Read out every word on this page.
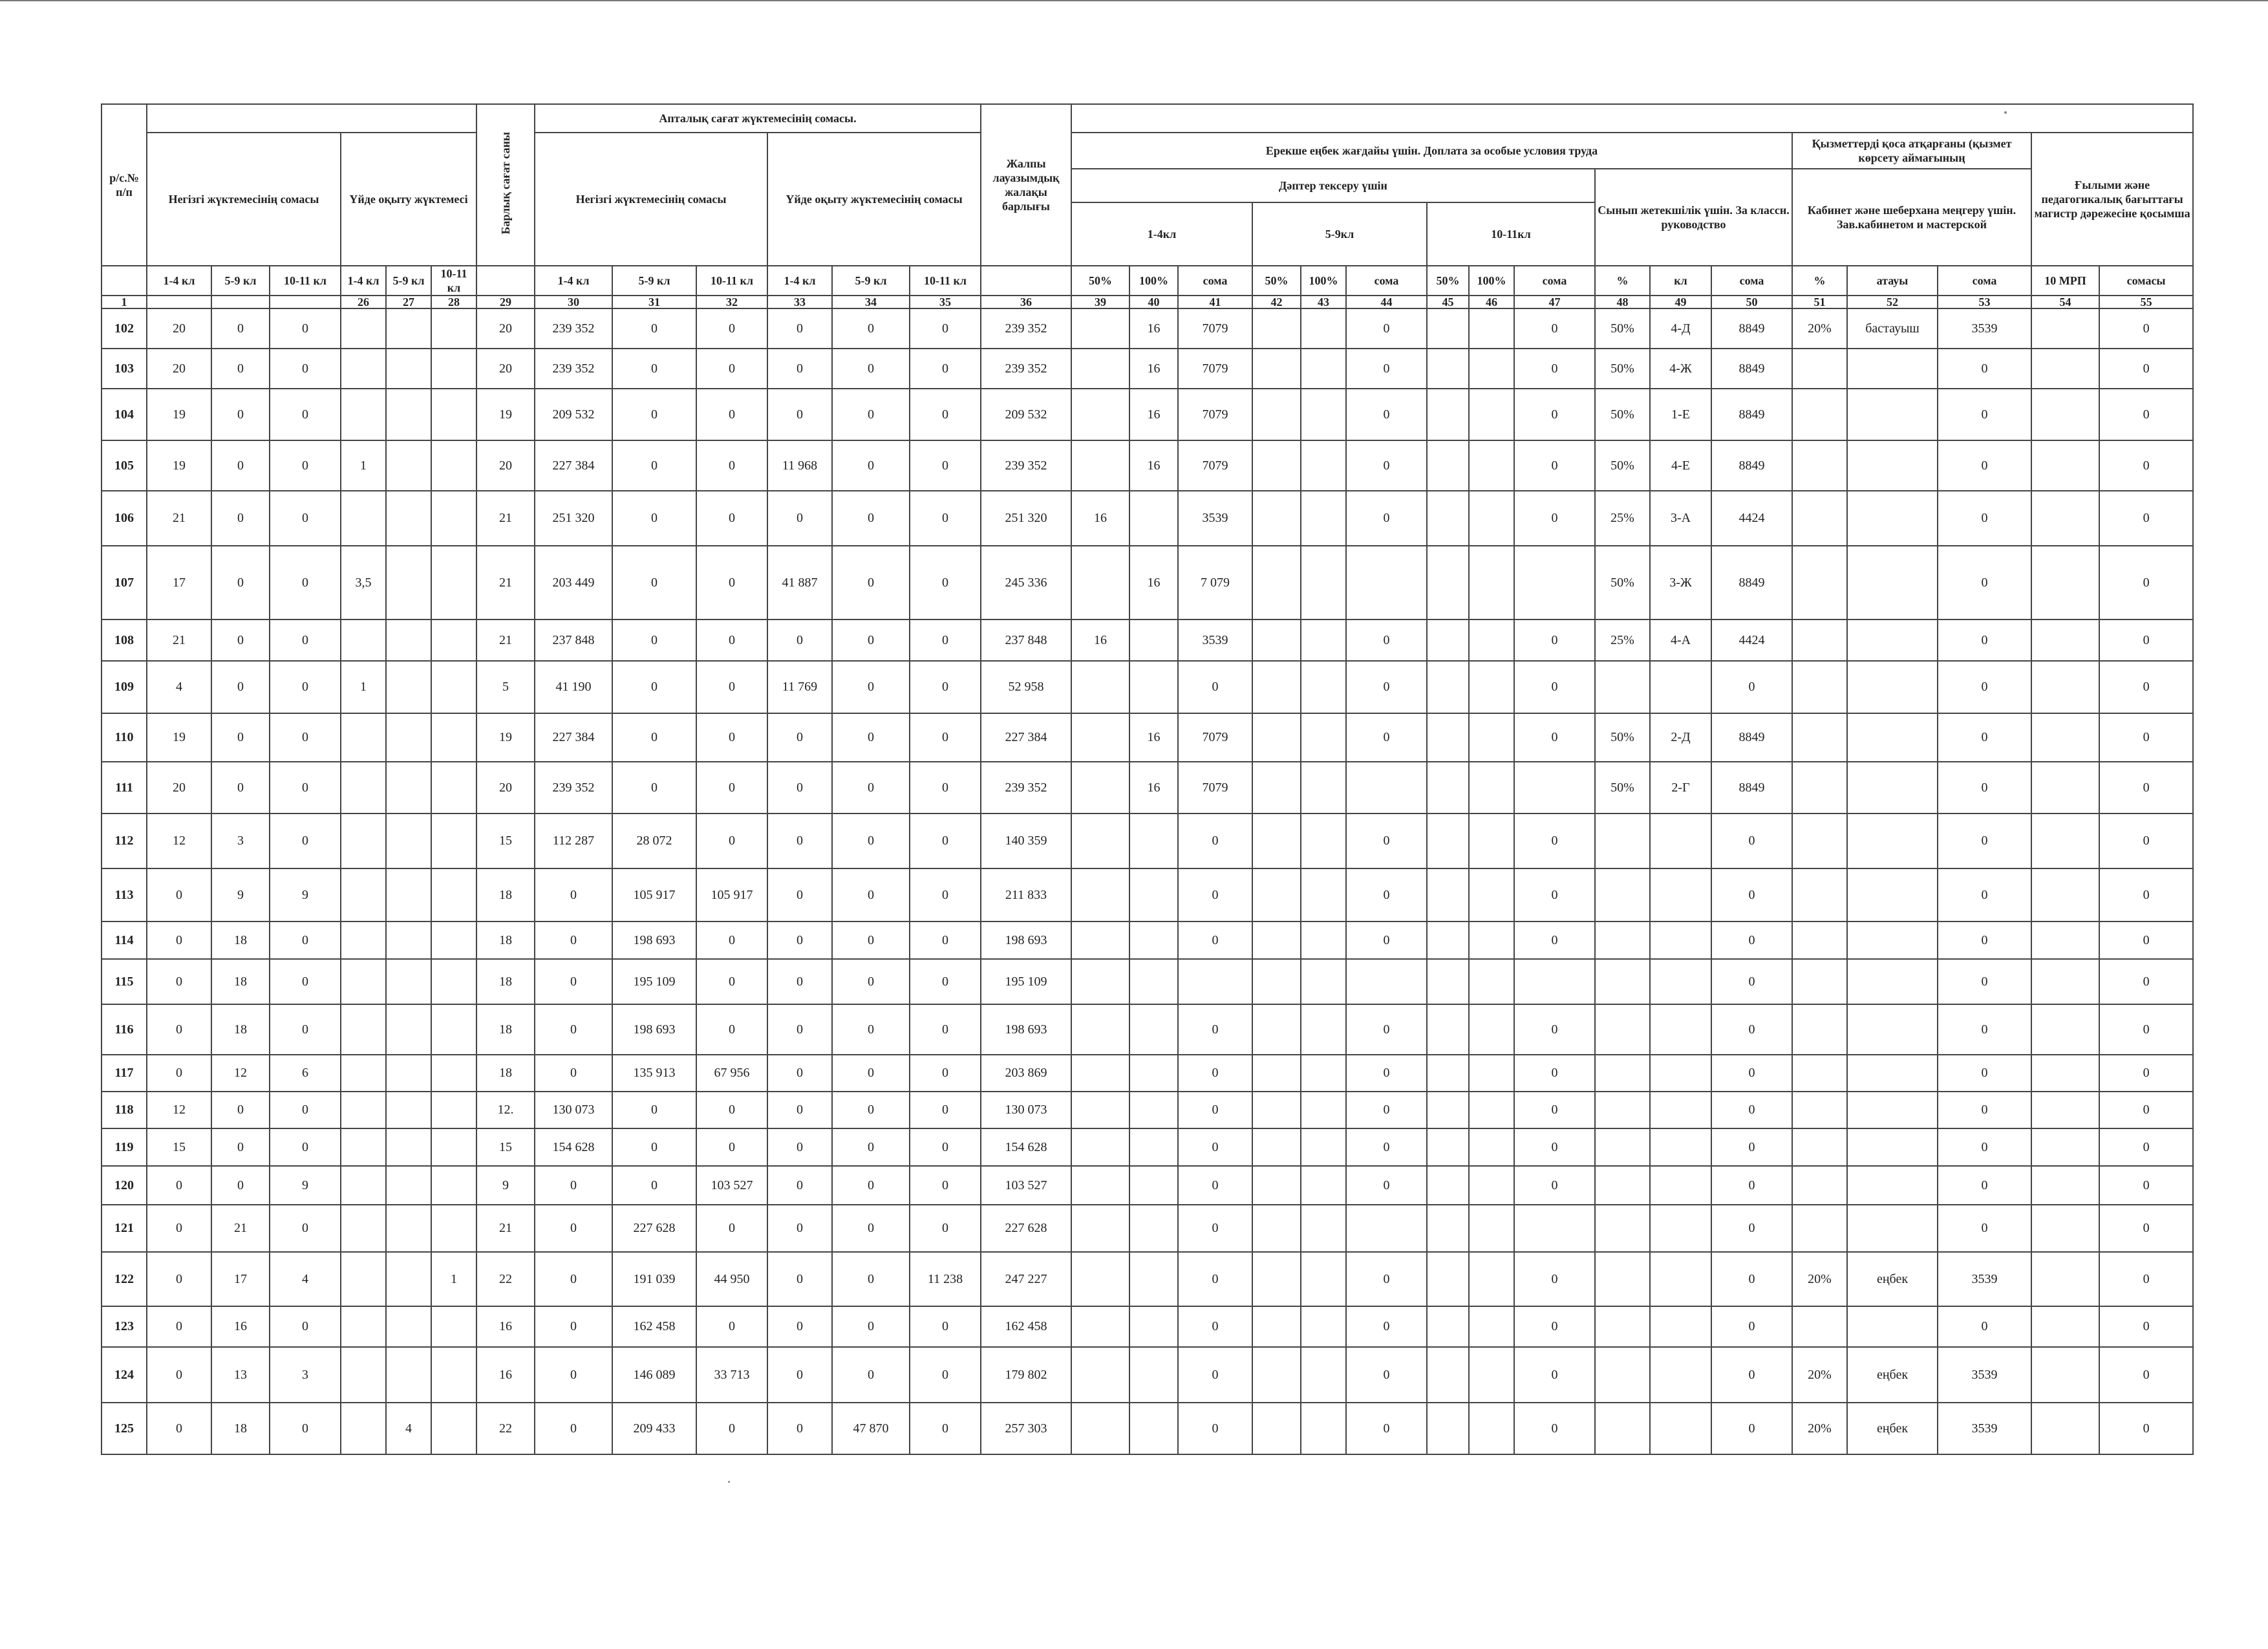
р/с.№ п/п							Барлық сағат саны	Апталық сағат жүктемесінің сомасы.						Жалпы лауазымдық жалақы барлығы																	
	Негізгі жүктемесінің сомасы			Үйде оқыту жүктемесі				Негізгі жүктемесінің сомасы			Үйде оқыту жүктемесінің сомасы				Ерекше еңбек жағдайы үшін. Доплата за особые условия труда												Қызметтерді қоса атқарғаны (қызмет көрсету аймағының			Ғылыми және педагогикалық бағыттағы магистр дәрежесіне қосымша	
															Дәптер тексеру үшін									Сынып жетекшілік үшін. За классн. руководство			Кабинет және шеберхана меңгеру үшін. Зав.кабинетом и мастерской				
															1-4кл			5-9кл			10-11кл										
	1-4 кл	5-9 кл	10-11 кл	1-4 кл	5-9 кл	10-11 кл		1-4 кл	5-9 кл	10-11 кл	1-4 кл	5-9 кл	10-11 кл		50%	100%	сома	50%	100%	сома	50%	100%	сома	%	кл	сома	%	атауы	сома	10 МРП	сомасы
1				26	27	28	29	30	31	32	33	34	35	36	39	40	41	42	43	44	45	46	47	48	49	50	51	52	53	54	55
102	20	0	0				20	239 352	0	0	0	0	0	239 352		16	7079			0			0	50%	4-Д	8849	20%	бастауыш	3539		0
103	20	0	0				20	239 352	0	0	0	0	0	239 352		16	7079			0			0	50%	4-Ж	8849			0		0
104	19	0	0				19	209 532	0	0	0	0	0	209 532		16	7079			0			0	50%	1-Е	8849			0		0
105	19	0	0	1			20	227 384	0	0	11 968	0	0	239 352		16	7079			0			0	50%	4-Е	8849			0		0
106	21	0	0				21	251 320	0	0	0	0	0	251 320	16		3539			0			0	25%	3-А	4424			0		0
107	17	0	0	3,5			21	203 449	0	0	41 887	0	0	245 336		16	7 079							50%	3-Ж	8849			0		0
108	21	0	0				21	237 848	0	0	0	0	0	237 848	16		3539			0			0	25%	4-А	4424			0		0
109	4	0	0	1			5	41 190	0	0	11 769	0	0	52 958			0			0			0			0			0		0
110	19	0	0				19	227 384	0	0	0	0	0	227 384		16	7079			0			0	50%	2-Д	8849			0		0
111	20	0	0				20	239 352	0	0	0	0	0	239 352		16	7079							50%	2-Г	8849			0		0
112	12	3	0				15	112 287	28 072	0	0	0	0	140 359			0			0			0			0			0		0
113	0	9	9				18	0	105 917	105 917	0	0	0	211 833			0			0			0			0			0		0
114	0	18	0				18	0	198 693	0	0	0	0	198 693			0			0			0			0			0		0
115	0	18	0				18	0	195 109	0	0	0	0	195 109												0			0		0
116	0	18	0				18	0	198 693	0	0	0	0	198 693			0			0			0			0			0		0
117	0	12	6				18	0	135 913	67 956	0	0	0	203 869			0			0			0			0			0		0
118	12	0	0				12.	130 073	0	0	0	0	0	130 073			0			0			0			0			0		0
119	15	0	0				15	154 628	0	0	0	0	0	154 628			0			0			0			0			0		0
120	0	0	9				9	0	0	103 527	0	0	0	103 527			0			0			0			0			0		0
121	0	21	0				21	0	227 628	0	0	0	0	227 628			0									0			0		0
122	0	17	4			1	22	0	191 039	44 950	0	0	11 238	247 227			0			0			0			0	20%	еңбек	3539		0
123	0	16	0				16	0	162 458	0	0	0	0	162 458			0			0			0			0			0		0
124	0	13	3				16	0	146 089	33 713	0	0	0	179 802			0			0			0			0	20%	еңбек	3539		0
125	0	18	0		4		22	0	209 433	0	0	47 870	0	257 303			0			0			0			0	20%	еңбек	3539		0
